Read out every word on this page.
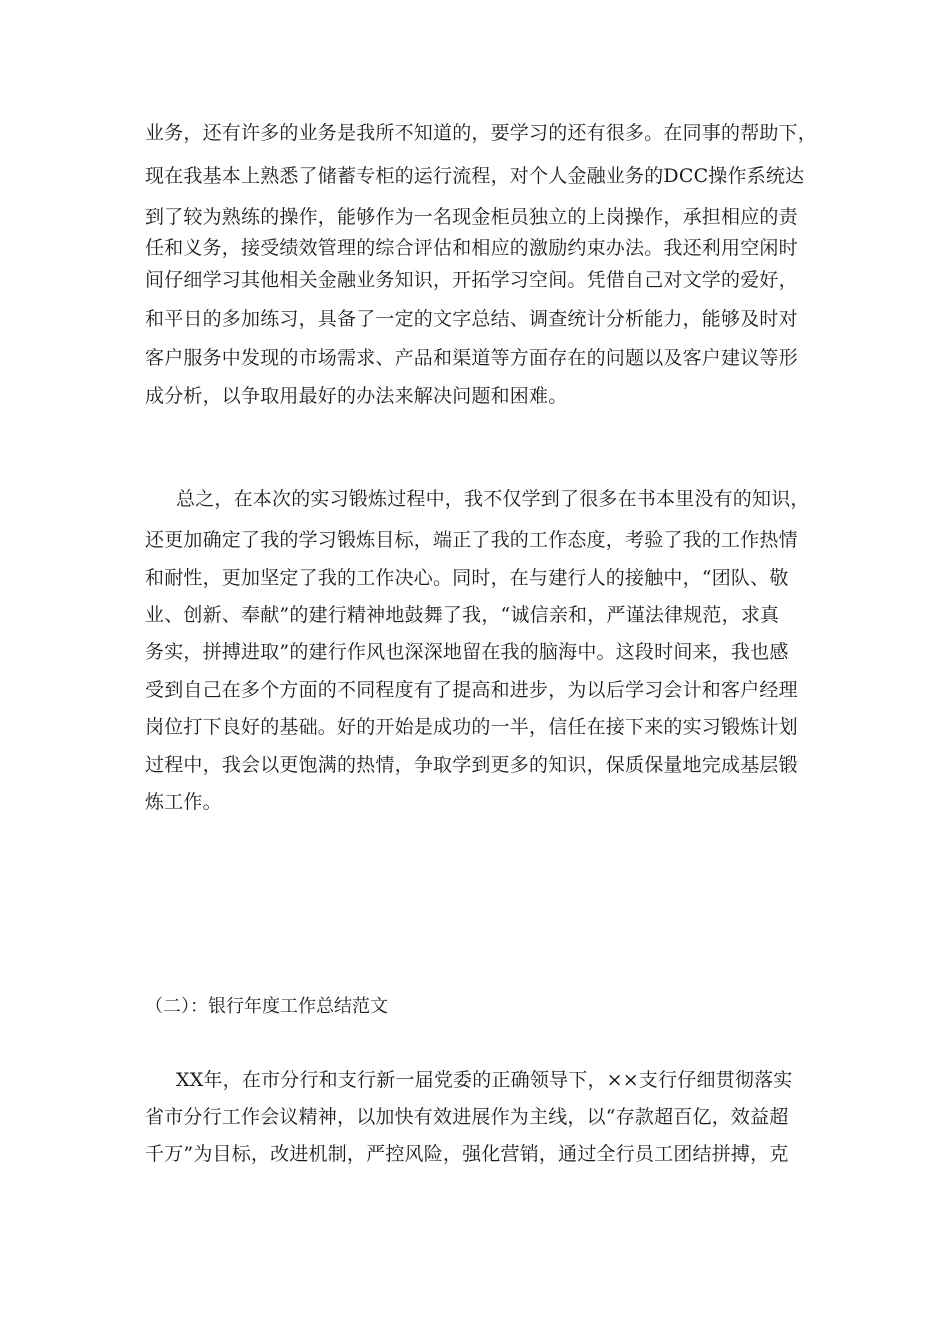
业务，还有许多的业务是我所不知道的，要学习的还有很多。在同事的帮助下，
现在我基本上熟悉了储蓄专柜的运行流程，对个人金融业务的DCC操作系统达
到了较为熟练的操作，能够作为一名现金柜员独立的上岗操作，承担相应的责
任和义务，接受绩效管理的综合评估和相应的激励约束办法。我还利用空闲时
间仔细学习其他相关金融业务知识，开拓学习空间。凭借自己对文学的爱好，
和平日的多加练习，具备了一定的文字总结、调查统计分析能力，能够及时对
客户服务中发现的市场需求、产品和渠道等方面存在的问题以及客户建议等形
成分析，以争取用最好的办法来解决问题和困难。
总之，在本次的实习锻炼过程中，我不仅学到了很多在书本里没有的知识，
还更加确定了我的学习锻炼目标，端正了我的工作态度，考验了我的工作热情
和耐性，更加坚定了我的工作决心。同时，在与建行人的接触中，“团队、敬
业、创新、奉献”的建行精神地鼓舞了我，“诚信亲和，严谨法律规范，求真
务实，拼搏进取”的建行作风也深深地留在我的脑海中。这段时间来，我也感
受到自己在多个方面的不同程度有了提高和进步，为以后学习会计和客户经理
岗位打下良好的基础。好的开始是成功的一半，信任在接下来的实习锻炼计划
过程中，我会以更饱满的热情，争取学到更多的知识，保质保量地完成基层锻
炼工作。
（二）：银行年度工作总结范文
XX年，在市分行和支行新一届党委的正确领导下，××支行仔细贯彻落实
省市分行工作会议精神，以加快有效进展作为主线，以“存款超百亿，效益超
千万”为目标，改进机制，严控风险，强化营销，通过全行员工团结拼搏，克
